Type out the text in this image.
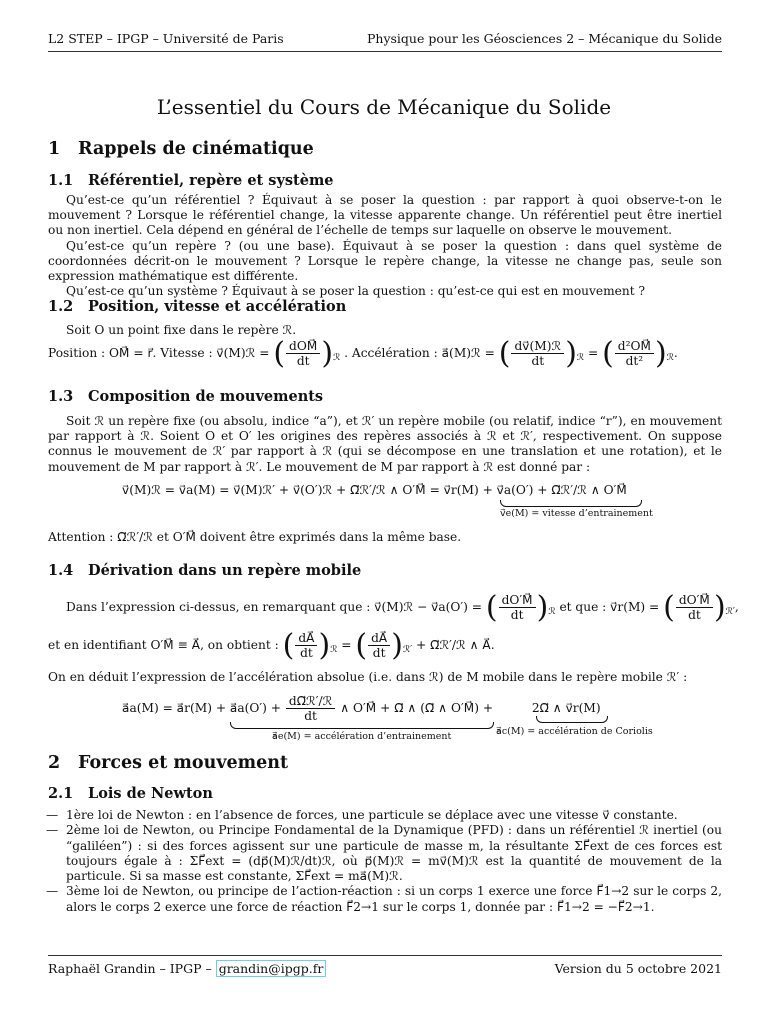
L2 STEP – IPGP – Université de Paris	Physique pour les Géosciences 2 – Mécanique du Solide
L’essentiel du Cours de Mécanique du Solide
1 Rappels de cinématique
1.1 Référentiel, repère et système

Qu’est-ce qu’un référentiel ? Équivaut à se poser la question : par rapport à quoi observe-t-on le mouvement ? Lorsque le référentiel change, la vitesse apparente change. Un référentiel peut être inertiel ou non inertiel. Cela dépend en général de l’échelle de temps sur laquelle on observe le mouvement.

Qu’est-ce qu’un repère ? (ou une base). Équivaut à se poser la question : dans quel système de coordonnées décrit-on le mouvement ? Lorsque le repère change, la vitesse ne change pas, seule son expression mathématique est différente.

Qu’est-ce qu’un système ? Équivaut à se poser la question : qu’est-ce qui est en mouvement ?

1.2 Position, vitesse et accélération

Soit O un point fixe dans le repère ℛ.

Position : OM⃗ = r⃗. Vitesse : v⃗(M)ℛ = ( $\frac{\text{dOM⃗}}{dt} )_ℛ$ . Accélération : a⃗(M)ℛ = ( $\frac{\text{dv⃗(M)ℛ}}{dt} )_ℛ$ = ( $\frac{\text{d²OM⃗}}{\text{dt²}} )_ℛ$.
1.3 Composition de mouvements

Soit ℛ un repère fixe (ou absolu, indice “a”), et ℛ′ un repère mobile (ou relatif, indice “r”), en mouvement par rapport à ℛ. Soient O et O′ les origines des repères associés à ℛ et ℛ′, respectivement. On suppose connus le mouvement de ℛ′ par rapport à ℛ (qui se décompose en une translation et une rotation), et le mouvement de M par rapport à ℛ′. Le mouvement de M par rapport à ℛ est donné par :

v⃗(M)ℛ = v⃗a(M) = v⃗(M)ℛ′ + v⃗(O′)ℛ + Ω⃗ℛ′/ℛ ∧ O′M⃗ = v⃗r(M) + v⃗a(O′) + Ω⃗ℛ′/ℛ ∧ O′M⃗
v⃗e(M) = vitesse d’entrainement
Attention : Ω⃗ℛ′/ℛ et O′M⃗ doivent être exprimés dans la même base.
1.4 Dérivation dans un repère mobile
Dans l’expression ci-dessus, en remarquant que : v⃗(M)ℛ − v⃗a(O′) = ( $\frac{dO'M⃗}{dt} )_ℛ$ et que : v⃗r(M) = ( $\frac{dO'M⃗}{dt} )_{ℛ'}$,
et en identifiant O′M⃗ ≡ A⃗, on obtient : ( $\frac{dA⃗}{dt} )_ℛ$ = ( $\frac{dA⃗}{dt} )_{ℛ'}$ + Ω⃗ℛ′/ℛ ∧ A⃗.
On en déduit l’expression de l’accélération absolue (i.e. dans ℛ) de M mobile dans le repère mobile ℛ′ :
a⃗a(M) = a⃗r(M) + a⃗a(O′) + $\frac{\text{dΩ⃗ℛ′/ℛ}}{dt}$ ∧ O′M⃗ + Ω⃗ ∧ (Ω⃗ ∧ O′M⃗) +	2Ω⃗ ∧ v⃗r(M)
a⃗e(M) = accélération d’entrainement	a⃗c(M) = accélération de Coriolis
2 Forces et mouvement
2.1 Lois de Newton
— 1ère loi de Newton : en l’absence de forces, une particule se déplace avec une vitesse v⃗ constante.
— 2ème loi de Newton, ou Principe Fondamental de la Dynamique (PFD) : dans un référentiel ℛ inertiel (ou “galiléen”) : si des forces agissent sur une particule de masse m, la résultante ΣF⃗ext de ces forces est toujours égale à : ΣF⃗ext = (dp⃗(M)ℛ/dt)ℛ, où p⃗(M)ℛ = mv⃗(M)ℛ est la quantité de mouvement de la particule. Si sa masse est constante, ΣF⃗ext = ma⃗(M)ℛ.
— 3ème loi de Newton, ou principe de l’action-réaction : si un corps 1 exerce une force F⃗1→2 sur le corps 2, alors le corps 2 exerce une force de réaction F⃗2→1 sur le corps 1, donnée par : F⃗1→2 = −F⃗2→1.
Raphaël Grandin – IPGP – grandin@ipgp.fr	Version du 5 octobre 2021
